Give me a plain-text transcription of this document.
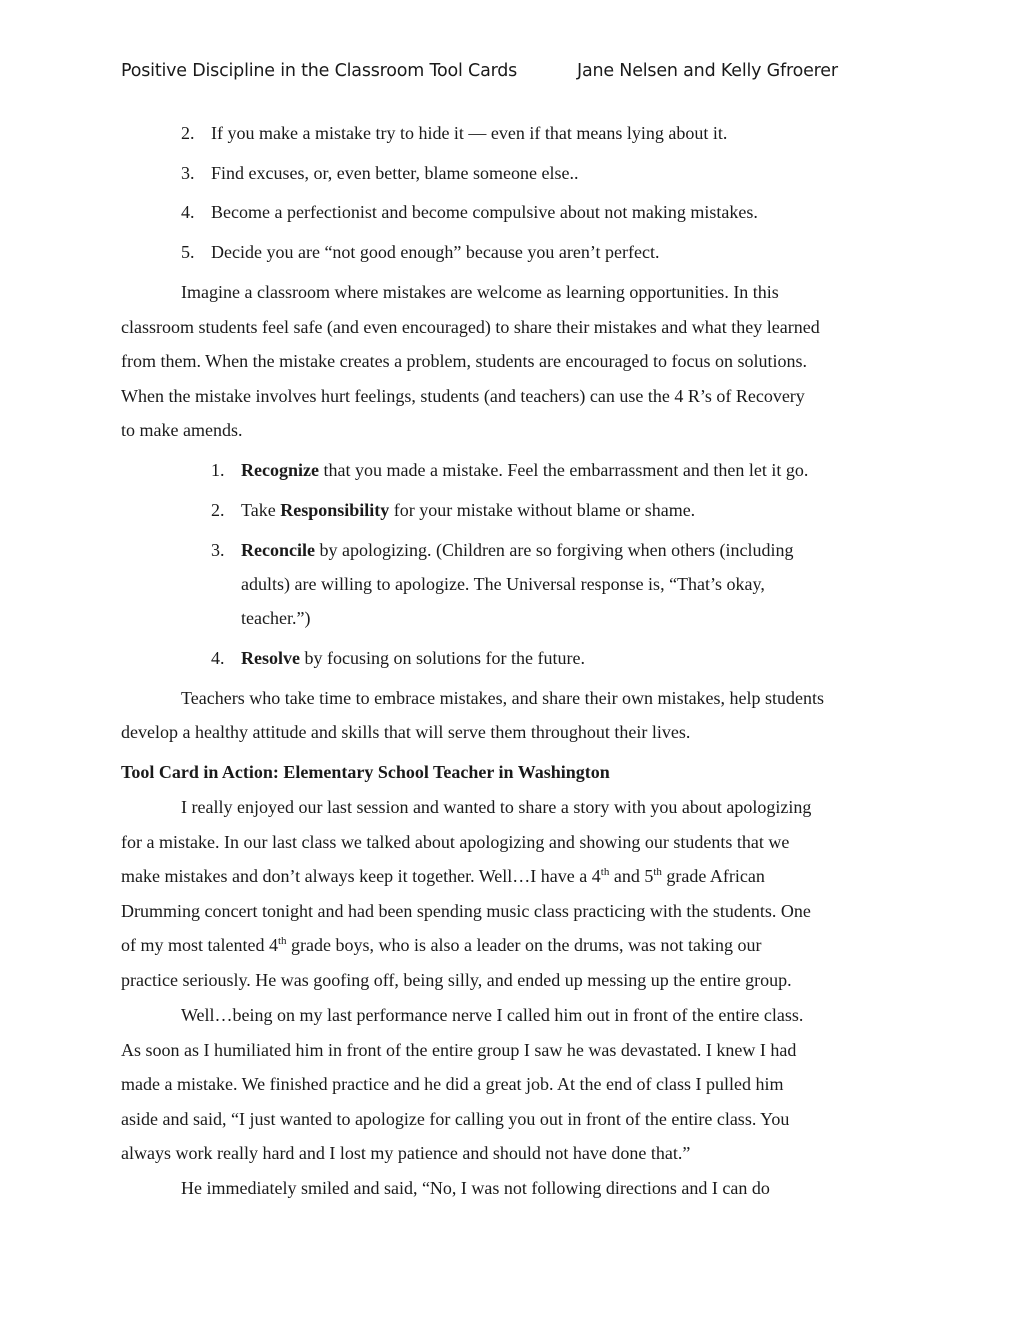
Positive Discipline in the Classroom Tool Cards	Jane Nelsen and Kelly Gfroerer
2. If you make a mistake try to hide it — even if that means lying about it.
3. Find excuses, or, even better, blame someone else..
4. Become a perfectionist and become compulsive about not making mistakes.
5. Decide you are “not good enough” because you aren’t perfect.
Imagine a classroom where mistakes are welcome as learning opportunities. In this
classroom students feel safe (and even encouraged) to share their mistakes and what they learned
from them. When the mistake creates a problem, students are encouraged to focus on solutions.
When the mistake involves hurt feelings, students (and teachers) can use the 4 R’s of Recovery
to make amends.
1. Recognize that you made a mistake. Feel the embarrassment and then let it go.
2. Take Responsibility for your mistake without blame or shame.
3. Reconcile by apologizing. (Children are so forgiving when others (including
adults) are willing to apologize. The Universal response is, “That’s okay,
teacher.”)
4. Resolve by focusing on solutions for the future.
Teachers who take time to embrace mistakes, and share their own mistakes, help students
develop a healthy attitude and skills that will serve them throughout their lives.
Tool Card in Action: Elementary School Teacher in Washington
I really enjoyed our last session and wanted to share a story with you about apologizing
for a mistake. In our last class we talked about apologizing and showing our students that we
make mistakes and don’t always keep it together. Well…I have a 4th and 5th grade African
Drumming concert tonight and had been spending music class practicing with the students. One
of my most talented 4th grade boys, who is also a leader on the drums, was not taking our
practice seriously. He was goofing off, being silly, and ended up messing up the entire group.
Well…being on my last performance nerve I called him out in front of the entire class.
As soon as I humiliated him in front of the entire group I saw he was devastated. I knew I had
made a mistake. We finished practice and he did a great job. At the end of class I pulled him
aside and said, “I just wanted to apologize for calling you out in front of the entire class. You
always work really hard and I lost my patience and should not have done that.”
He immediately smiled and said, “No, I was not following directions and I can do
